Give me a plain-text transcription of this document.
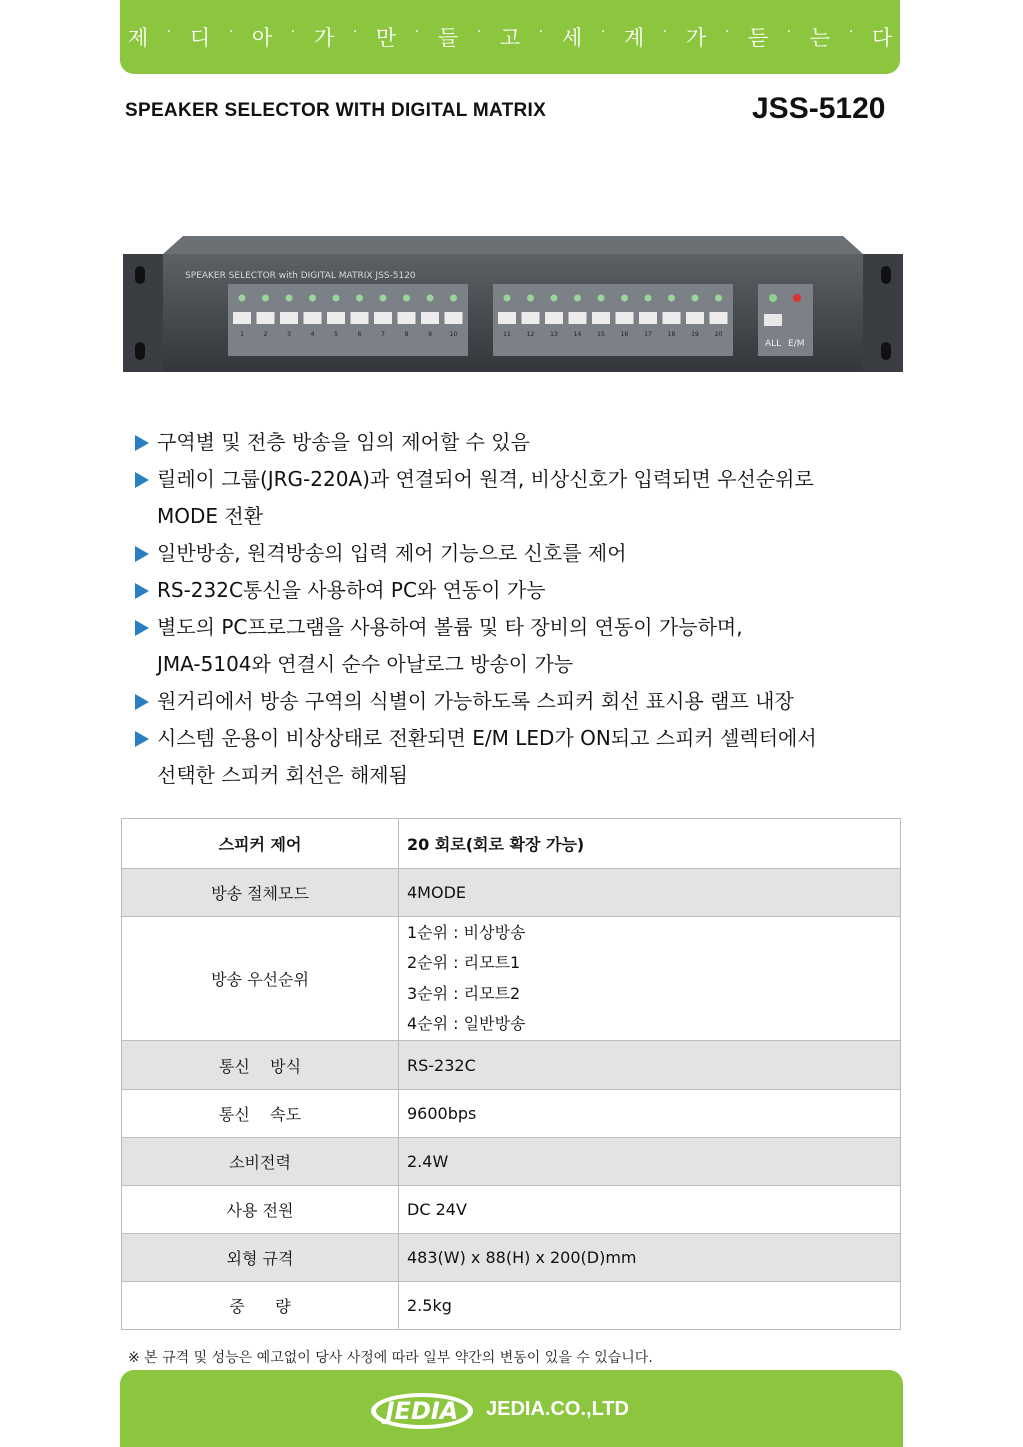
제	· 디	· 아	· 가	· 만	· 들	· 고	· 세	· 계	· 가	· 듣	· 는	· 다
SPEAKER SELECTOR WITH DIGITAL MATRIX	JSS-5120
SPEAKER SELECTOR with DIGITAL MATRIX JSS-5120
1	2	3	4	5	6	7	8	9	10	11	12	13	14	15	16	17	18	19	20
ALL E/M
구역별 및 전층 방송을 임의 제어할 수 있음
릴레이 그룹(JRG-220A)과 연결되어 원격, 비상신호가 입력되면 우선순위로
MODE 전환
일반방송, 원격방송의 입력 제어 기능으로 신호를 제어
RS-232C통신을 사용하여 PC와 연동이 가능
별도의 PC프로그램을 사용하여 볼륨 및 타 장비의 연동이 가능하며,
JMA-5104와 연결시 순수 아날로그 방송이 가능
원거리에서 방송 구역의 식별이 가능하도록 스피커 회선 표시용 램프 내장
시스템 운용이 비상상태로 전환되면 E/M LED가 ON되고 스피커 셀렉터에서
선택한 스피커 회선은 해제됨
스피커 제어	20 회로(회로 확장 가능)
방송 절체모드	4MODE
방송 우선순위	1순위 : 비상방송
2순위 : 리모트1
3순위 : 리모트2
4순위 : 일반방송

통신    방식	RS-232C
통신    속도	9600bps
소비전력	2.4W
사용 전원	DC 24V
외형 규격	483(W) x 88(H) x 200(D)mm
중      량	2.5kg
※ 본 규격 및 성능은 예고없이 당사 사정에 따라 일부 약간의 변동이 있을 수 있습니다.
JEDIA JEDIA.CO.,LTD
